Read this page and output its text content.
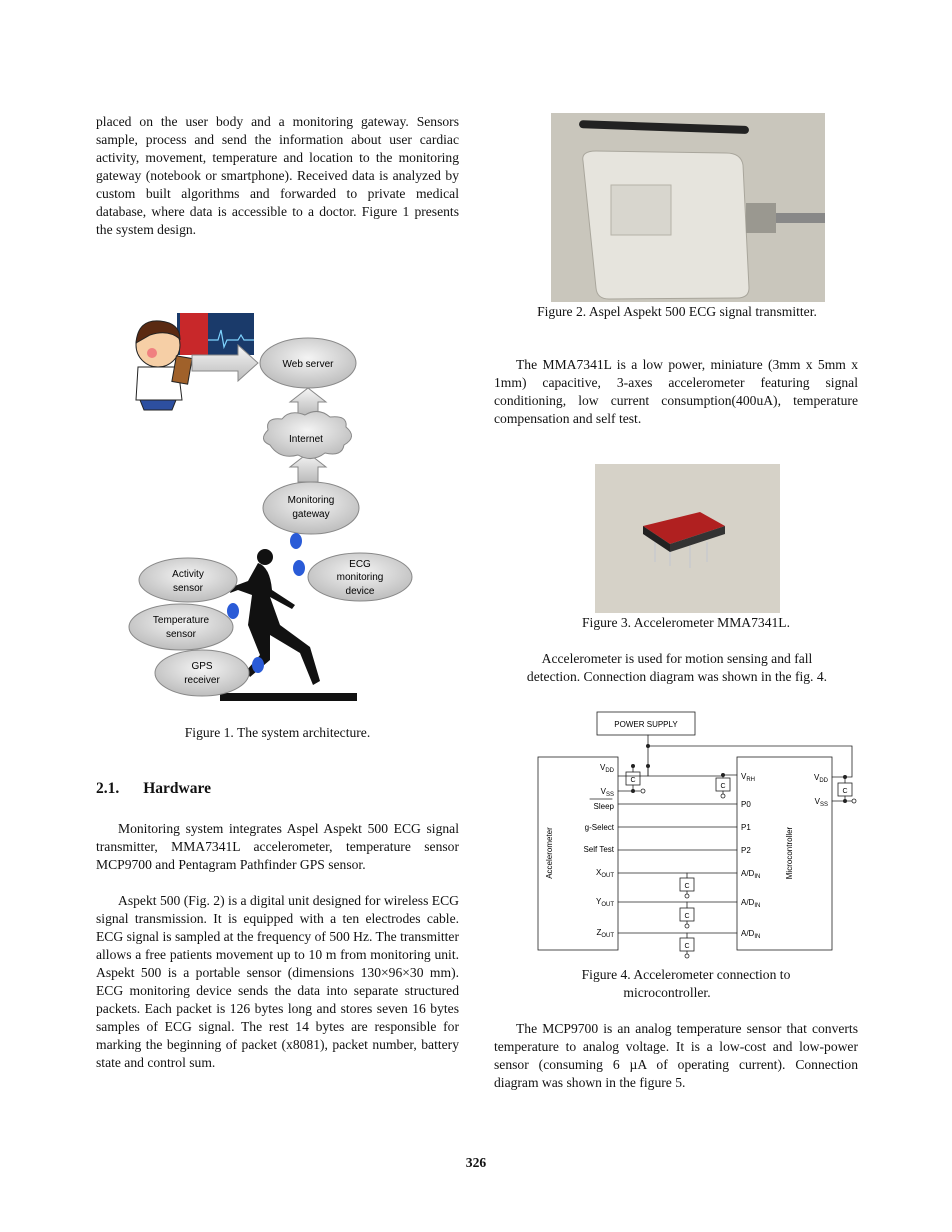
placed on the user body and a monitoring gateway. Sensors sample, process and send the information about user cardiac activity, movement, temperature and location to the monitoring gateway (notebook or smartphone). Received data is analyzed by custom built algorithms and forwarded to private medical database, where data is accessible to a doctor. Figure 1 presents the system design.

Web server
Internet
Monitoring
gateway
ECG
monitoring
device
Activity
sensor
Temperature
sensor
GPS
receiver

Figure 1. The system architecture.

2.1. Hardware

Monitoring system integrates Aspel Aspekt 500 ECG signal transmitter, MMA7341L accelerometer, temperature sensor MCP9700 and Pentagram Pathfinder GPS sensor.

Aspekt 500 (Fig. 2) is a digital unit designed for wireless ECG signal transmission. It is equipped with a ten electrodes cable. ECG signal is sampled at the frequency of 500 Hz. The transmitter allows a free patients movement up to 10 m from monitoring unit. Aspekt 500 is a portable sensor (dimensions 130×96×30 mm). ECG monitoring device sends the data into separate structured packets. Each packet is 126 bytes long and stores seven 16 bytes samples of ECG signal. The rest 14 bytes are responsible for marking the beginning of packet (x8081), packet number, battery state and control sum.

Figure 2. Aspel Aspekt 500 ECG signal transmitter.

The MMA7341L is a low power, miniature (3mm x 5mm x 1mm) capacitive, 3-axes accelerometer featuring signal conditioning, low current consumption(400uA), temperature compensation and self test.

Figure 3. Accelerometer MMA7341L.

Accelerometer is used for motion sensing and fall

detection. Connection diagram was shown in the fig. 4.

POWER SUPPLY
Accelerometer	Microcontroller
$V_{DD}$
$V_{SS}$
Sleep
g-Select
Self Test
$X_{OUT}$
$Y_{OUT}$
$Z_{OUT}$
$V_{DD}$
$V_{SS}$
$V_{RH}$
P0
P1
P2
$A/D_{IN}$
$A/D_{IN}$
$A/D_{IN}$
C
C
C
C
C
C

Figure 4. Accelerometer connection to

microcontroller.

The MCP9700 is an analog temperature sensor that converts temperature to analog voltage. It is a low-cost and low-power sensor (consuming 6 µA of operating current). Connection diagram was shown in the figure 5.

326
